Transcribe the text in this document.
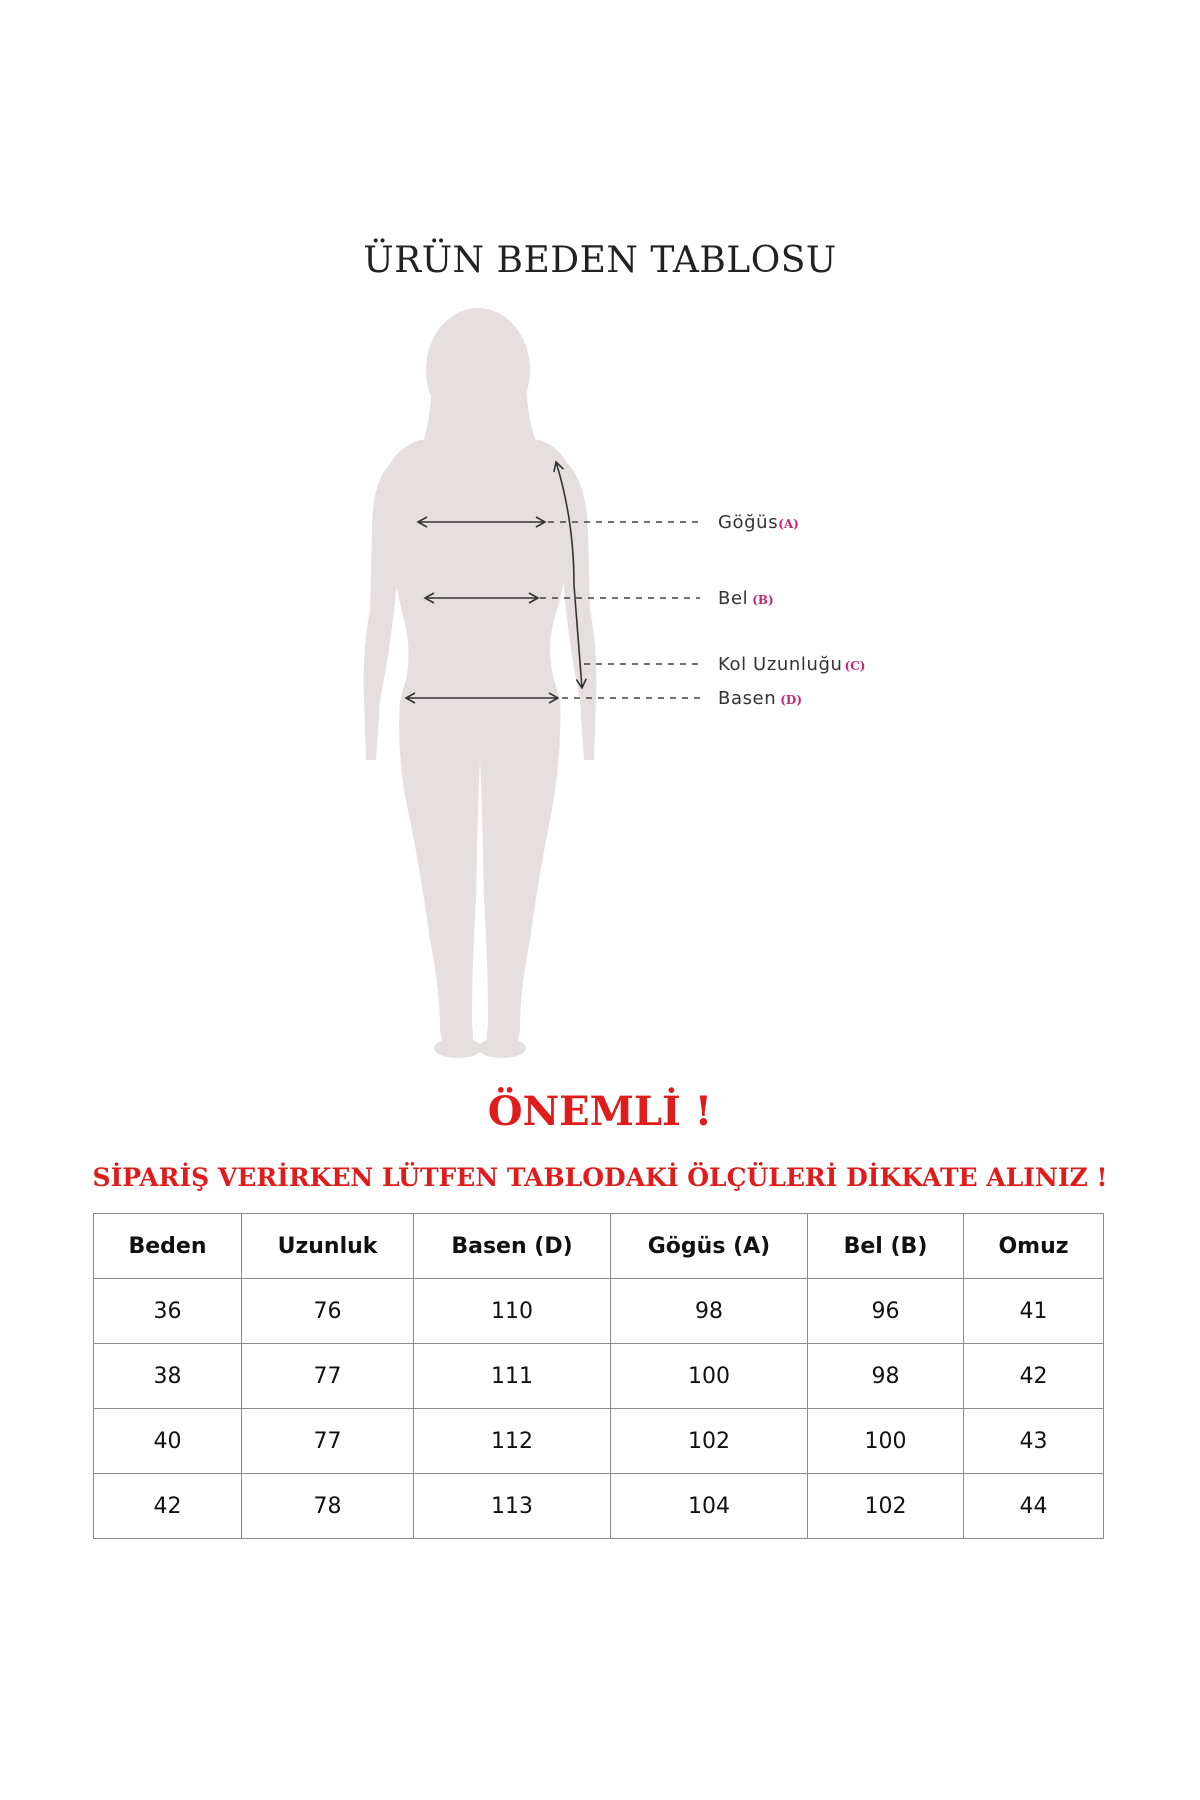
ÜRÜN BEDEN TABLOSU
Göğüs(A)
Bel (B)
Kol Uzunluğu (C)
Basen (D)

ÖNEMLİ !

SİPARİŞ VERİRKEN LÜTFEN TABLODAKİ ÖLÇÜLERİ DİKKATE ALINIZ !

Beden	Uzunluk	Basen (D)	Gögüs (A)	Bel (B)	Omuz
36	76	110	98	96	41
38	77	111	100	98	42
40	77	112	102	100	43
42	78	113	104	102	44
